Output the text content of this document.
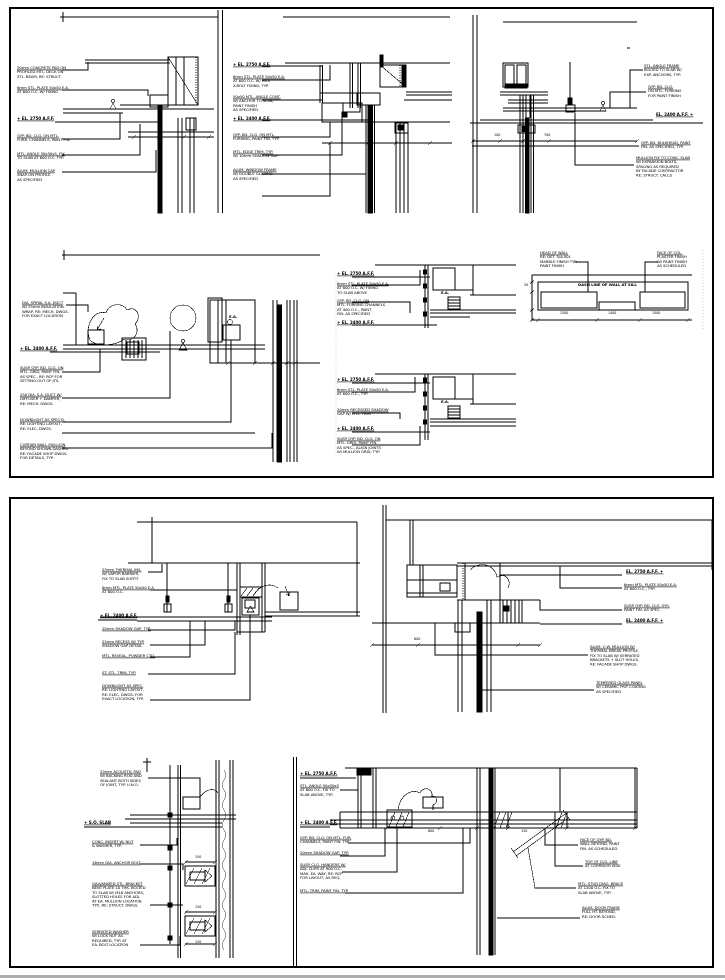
50mm CONCRETE PAD ON
PROFILED MTL. DECK ON
STL. BEAM, RE: STRUCT.
6mm STL. PLATE 50x50 E.A.
AT 600 O.C. W/ FIXING
+ EL. 2750 A.F.F.
GYP. BD. CLG. ON MTL.
FURR. CHANNELS, PAINT FIN.
MTL. ANGLE 50x50x5, FIX
TO SLAB AT 600 O.C. TYP.
ALUM. MULLION CAP
SNAP-ON PROFILE
AS SPECIFIED
+ EL. 2750 A.F.F.
6mm STL. PLATE 50x50 E.A.
AT 600 O.C. W/ HILTI
X-BOLT FIXING, TYP.
50x50 MTL. ANGLE CONT.
W/ ANCHOR TO SLAB,
PAINT FINISH
AS SPECIFIED
+ EL. 2400 A.F.F.
GYP. BD. CLG. ON MTL.
FURRING, PAINT FIN. TYP.
MTL. EDGE TRIM, TYP.
W/ 10mm SHADOW GAP
ALUM. WINDOW FRAME
W/ DOUBLE GLAZING
AS SPECIFIED
STL. ANGLE FRAME
BOLTED TO SLAB W/
EXP. ANCHORS, TYP.
GYP. BD. CLG.
ON MTL. FURRING
FOR PAINT FINISH
EL. 2400 A.F.F. +
GYP. BD. BULKHEAD, PAINT
FIN. AS SPECIFIED, TYP.
MULLION FIX TO CONC. SLAB
W/ EXPANSION BOLTS,
SPACING AS REQUIRED
BY FACADE CONTRACTOR
RE: STRUCT. CALCS
100	700
DIA. SPIRAL S.A. DUCT
W/ 25mm INSULATION
WRAP, RE: MECH. DWGS.
FOR EXACT LOCATION
+ EL. 2400 A.F.F.
SUSP. GYP. BD. CLG. ON
MTL. GRID, PAINT FIN.
AS SPEC., RE: RCP FOR
SETTING-OUT OF JTS.
250 DIA. S.A. DUCT W/
DIFFUSER + DAMPER,
RE: MECH. DWGS.
DOWNLIGHT AS SPEC'D,
RE: LIGHTING LAYOUT,
RE: ELEC. DWGS.
CURTAIN WALL MULLION
BEYOND SHOWN DASHED
RE: FACADE SHOP DWGS.
FOR DETAILS, TYP.
E.A.
+ EL. 2750 A.F.F.
6mm STL. PLATE 50x50 E.A.
AT 600 O.C. W/ FIXING
TO SLAB ABOVE
GYP. BD. CLG. ON
MTL. FURRING CHANNELS
AT 400 O.C., PAINT
FIN. AS SPECIFIED
+ EL. 2400 A.F.F.
E.A.
+ EL. 2750 A.F.F.
6mm STL. PLATE 50x50 E.A.
AT 600 O.C., TYP.
20mm RECESSED SHADOW
GAP W/ MTL. TRIM
+ EL. 2400 A.F.F.
SUSP. GYP. BD. CLG. ON
MTL. GRID, PAINT FIN.
AS SPEC., ALIGN JOINTS
W/ MULLION GRID, TYP.
E.A.
HEAD OF WALL
RE: DET. 5/A-501
MARBLE FINISH TYP.
PAINT FINISH
FACE OF COL.
PLASTER FINISH
W/ PAINT FINISH
AS SCHEDULED
DASH LINE OF WALL AT SILL
1500	1400	1500
50
25mm THERMAL INS.
W/ VAPOR BARRIER,
FIX TO SLAB SOFFIT
6mm MTL. PLATE 50x50 E.A.
AT 600 O.C.
+ EL. 2400 A.F.F.
20mm SHADOW GAP, TYP.
25mm RECESS W/ TYP.
SHADOW GAP DETAIL
MTL. REVEAL, POWDER CTD.
ST. STL. TRIM, TYP.
DOWNLIGHT AS SPEC.
RE: LIGHTING LAYOUT,
RE: ELEC. DWGS. FOR
EXACT LOCATION, TYP.
EL. 2750 A.F.F. +
6mm MTL. PLATE 50x50 E.A.
AT 600 O.C., TYP.
SUSP. GYP. BD. CLG. SYS.
PAINT FIN. AS SPEC.
EL. 2400 A.F.F. +
ALUM. C.W. MULLION W/
THERMAL BREAK PROFILE,
FIX TO SLAB W/ SERRATED
BRACKETS + SLOT HOLES,
RE: FACADE SHOP DWGS.
TEMPERED GLASS PANEL
W/ CERAMIC FRIT COATING
AS SPECIFIED
600
25mm ACOUSTIC PAD
W/ BACKING ROD AND
SEALANT BOTH SIDES
OF JOINT, TYP. U.N.O.
+ S.O. SLAB
CONC. INSERT W/ NUT
& WASHER, TYP.
16mm DIA. ANCHOR BOLT
GALVANIZED STL. BRACKET
BENT PLATE 10 THK. BOLTED
TO SLAB W/ M16 ANCHORS,
SLOTTED HOLES FOR ADJ.
AT EA. MULLION LOCATION
TYP., RE: STRUCT. DWGS.
SERRATED WASHER
W/ LOCK NUT AS
REQUIRED, TYP. AT
EA. BOLT LOCATION
150
150
150
+ EL. 2750 A.F.F.
STL. ANGLE 50x50x5
AT 600 O.C. FIX TO
SLAB ABOVE, TYP.
+ EL. 2400 A.F.F.
GYP. BD. CLG. ON MTL. FUR.
CHANNELS, PAINT FIN. TYP.
20mm SHADOW GAP, TYP.
SUSP. CLG. HANGERS W/
ADJ. CLIPS AT 900 O.C.
MAX. EA. WAY, RE: RCP
FOR LAYOUT, AS REQ.
MTL. TRIM, PAINT FIN. TYP.
FACE OF GYP. BD.
WALL BEYOND, PAINT
FIN. AS SCHEDULED
TOP OF CLG. LINE
AT CORRIDOR SIDE
MTL. STUD DIAG. BRACE
AT 1200 O.C. FIX TO
SLAB ABOVE, TYP.
ALUM. DOOR FRAME
FULL HT. BEYOND,
RE: DOOR SCHED.
600	150
